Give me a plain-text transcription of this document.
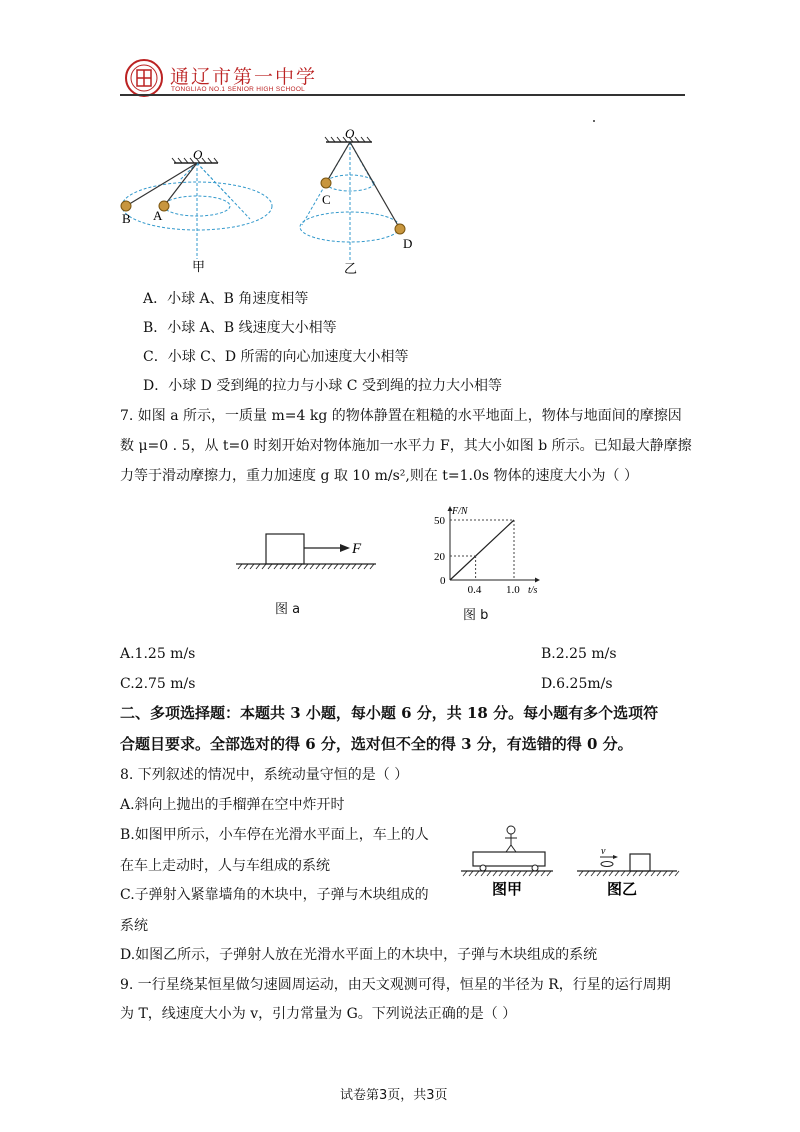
通辽市第一中学
TONGLIAO NO.1 SENIOR HIGH SCHOOL
O
A
B
甲
O
C
D
乙
A．小球 A、B 角速度相等
B．小球 A、B 线速度大小相等
C．小球 C、D 所需的向心加速度大小相等
D．小球 D 受到绳的拉力与小球 C 受到绳的拉力大小相等
7. 如图 a 所示，一质量 m=4 kg 的物体静置在粗糙的水平地面上，物体与地面间的摩擦因
数 μ=0 . 5，从 t=0 时刻开始对物体施加一水平力 F，其大小如图 b 所示。已知最大静摩擦
力等于滑动摩擦力，重力加速度 g 取 10 m/s²,则在 t=1.0s 物体的速度大小为（ ）
F
图 a
20
50
0.4 1.0
0
F/N
t/s
图 b
A.1.25 m/s	B.2.25 m/s
C.2.75 m/s	D.6.25m/s
二、多项选择题：本题共 3 小题，每小题 6 分，共 18 分。每小题有多个选项符
合题目要求。全部选对的得 6 分，选对但不全的得 3 分，有选错的得 0 分。
8. 下列叙述的情况中，系统动量守恒的是（ ）
A.斜向上抛出的手榴弹在空中炸开时
B.如图甲所示，小车停在光滑水平面上，车上的人
在车上走动时，人与车组成的系统
C.子弹射入紧靠墙角的木块中，子弹与木块组成的
系统
D.如图乙所示，子弹射人放在光滑水平面上的木块中，子弹与木块组成的系统
图甲
v
图乙
9. 一行星绕某恒星做匀速圆周运动，由天文观测可得，恒星的半径为 R，行星的运行周期
为 T，线速度大小为 v，引力常量为 G。下列说法正确的是（ ）
试卷第3页，共3页
